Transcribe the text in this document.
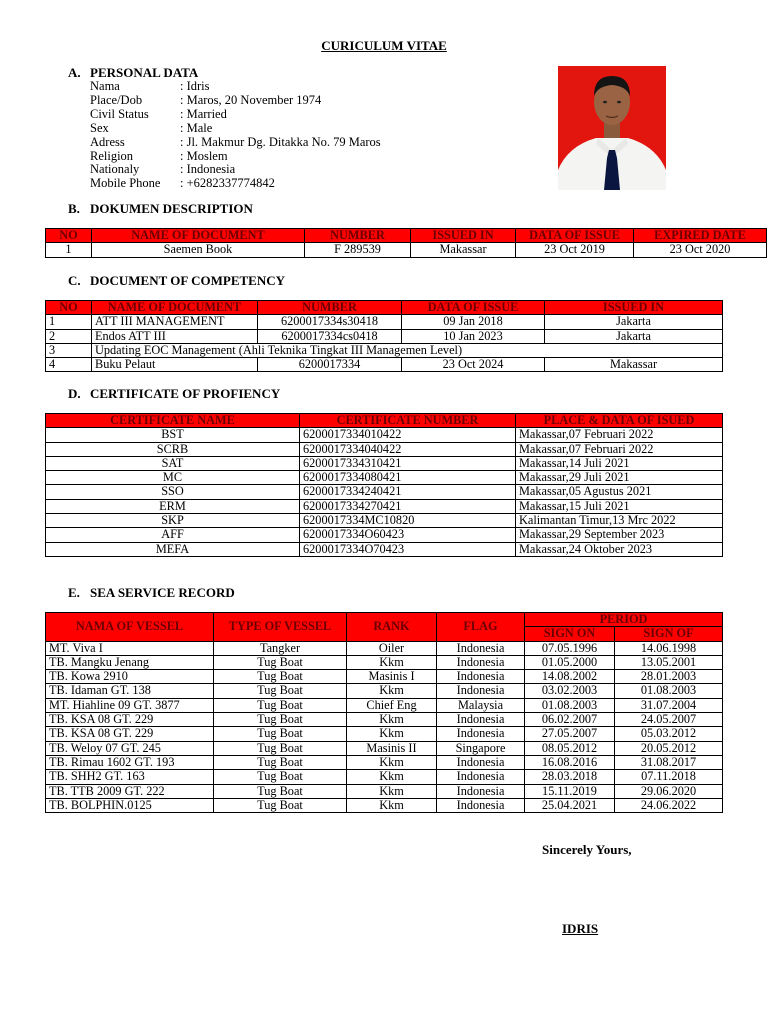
CURICULUM VITAE
A. PERSONAL DATA
Nama	: Idris
Place/Dob	: Maros, 20 November 1974
Civil Status	: Married
Sex	: Male
Adress	: Jl. Makmur Dg. Ditakka No. 79 Maros
Religion	: Moslem
Nationaly	: Indonesia
Mobile Phone	: +6282337774842
B. DOKUMEN DESCRIPTION
NO	NAME OF DOCUMENT	NUMBER	ISSUED IN	DATA OF ISSUE	EXPIRED DATE
1	Saemen Book	F 289539	Makassar	23 Oct 2019	23 Oct 2020
C. DOCUMENT OF COMPETENCY
NO	NAME OF DOCUMENT	NUMBER	DATA OF ISSUE	ISSUED IN
1	ATT III MANAGEMENT	6200017334s30418	09 Jan 2018	Jakarta
2	Endos ATT III	6200017334cs0418	10 Jan 2023	Jakarta
3	Updating EOC Management (Ahli Teknika Tingkat III Managemen Level)			
4	Buku Pelaut	6200017334	23 Oct 2024	Makassar
D. CERTIFICATE OF PROFIENCY
CERTIFICATE NAME	CERTIFICATE NUMBER	PLACE & DATA OF ISUED
BST	6200017334010422	Makassar,07 Februari 2022
SCRB	6200017334040422	Makassar,07 Februari 2022
SAT	6200017334310421	Makassar,14 Juli 2021
MC	6200017334080421	Makassar,29 Juli 2021
SSO	6200017334240421	Makassar,05 Agustus 2021
ERM	6200017334270421	Makassar,15 Juli 2021
SKP	6200017334MC10820	Kalimantan Timur,13 Mrc 2022
AFF	6200017334O60423	Makassar,29 September 2023
MEFA	6200017334O70423	Makassar,24 Oktober 2023
E. SEA SERVICE RECORD
NAMA OF VESSEL	TYPE OF VESSEL	RANK	FLAG	PERIOD	
				SIGN ON	SIGN OF
MT. Viva I	Tangker	Oiler	Indonesia	07.05.1996	14.06.1998
TB. Mangku Jenang	Tug Boat	Kkm	Indonesia	01.05.2000	13.05.2001
TB. Kowa 2910	Tug Boat	Masinis I	Indonesia	14.08.2002	28.01.2003
TB. Idaman GT. 138	Tug Boat	Kkm	Indonesia	03.02.2003	01.08.2003
MT. Hiahline 09 GT. 3877	Tug Boat	Chief Eng	Malaysia	01.08.2003	31.07.2004
TB. KSA 08 GT. 229	Tug Boat	Kkm	Indonesia	06.02.2007	24.05.2007
TB. KSA 08 GT. 229	Tug Boat	Kkm	Indonesia	27.05.2007	05.03.2012
TB. Weloy 07 GT. 245	Tug Boat	Masinis II	Singapore	08.05.2012	20.05.2012
TB. Rimau 1602 GT. 193	Tug Boat	Kkm	Indonesia	16.08.2016	31.08.2017
TB. SHH2 GT. 163	Tug Boat	Kkm	Indonesia	28.03.2018	07.11.2018
TB. TTB 2009 GT. 222	Tug Boat	Kkm	Indonesia	15.11.2019	29.06.2020
TB. BOLPHIN.0125	Tug Boat	Kkm	Indonesia	25.04.2021	24.06.2022
Sincerely Yours,
IDRIS
